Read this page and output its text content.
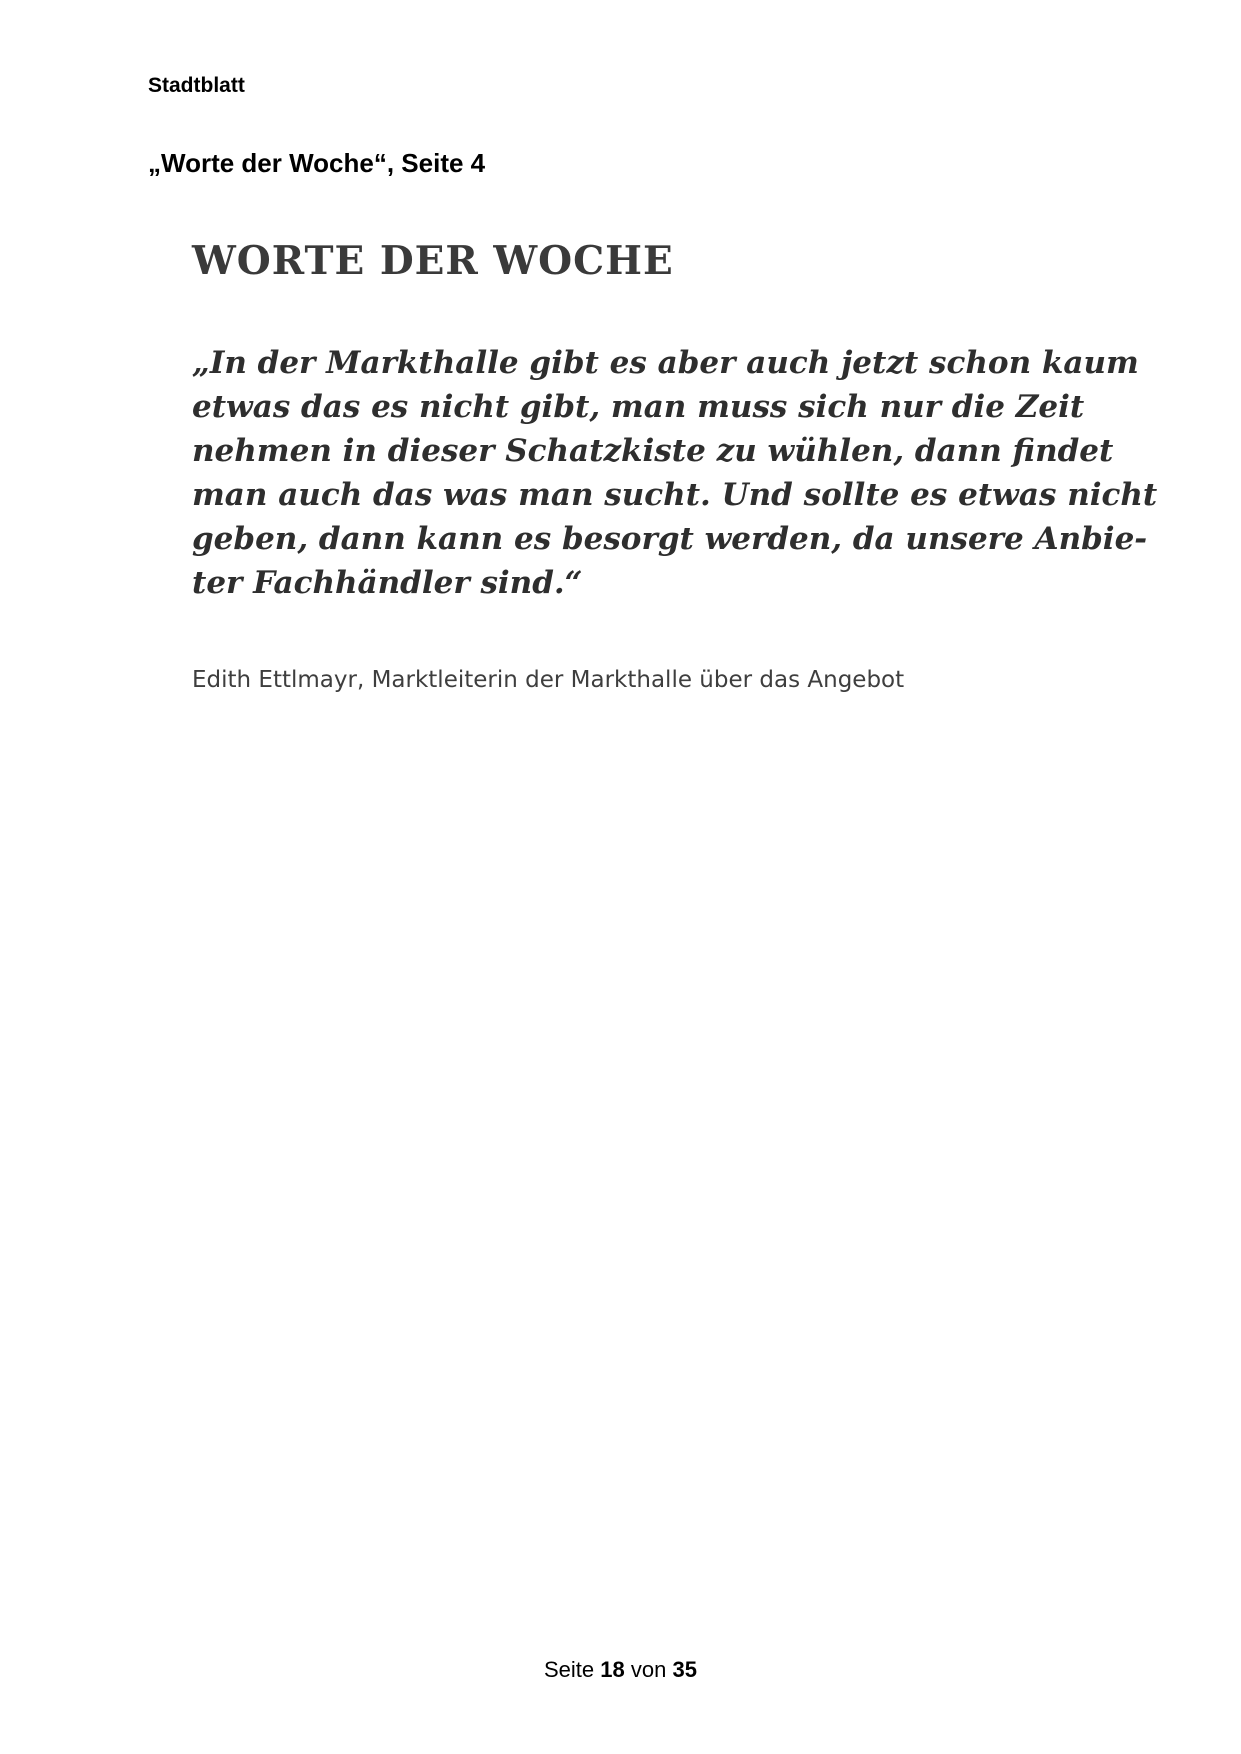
Stadtblatt
„Worte der Woche“, Seite 4
WORTE DER WOCHE
„In der Markthalle gibt es aber auch jetzt schon kaum
etwas das es nicht gibt, man muss sich nur die Zeit
nehmen in dieser Schatzkiste zu wühlen, dann findet
man auch das was man sucht. Und sollte es etwas nicht
geben, dann kann es besorgt werden, da unsere Anbie-
ter Fachhändler sind.“
Edith Ettlmayr, Marktleiterin der Markthalle über das Angebot
Seite 18 von 35
